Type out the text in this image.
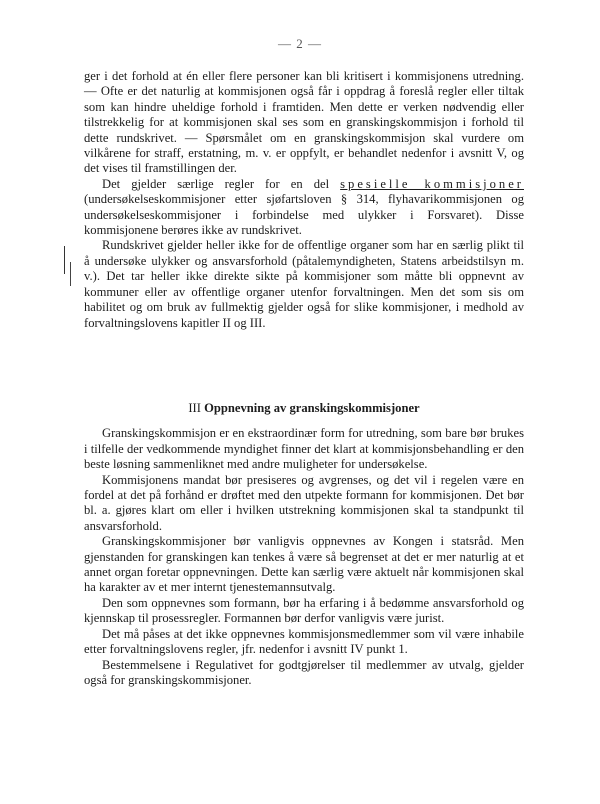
— 2 —

ger i det forhold at én eller flere personer kan bli kritisert i kommisjonens utredning. — Ofte er det naturlig at kommisjonen også får i oppdrag å foreslå regler eller tiltak som kan hindre uheldige forhold i framtiden. Men dette er verken nødvendig eller tilstrekkelig for at kommisjonen skal ses som en granskingskommisjon i forhold til dette rundskrivet. — Spørsmålet om en granskingskommisjon skal vurdere om vilkårene for straff, erstatning, m. v. er oppfylt, er behandlet nedenfor i avsnitt V, og det vises til framstillingen der.

Det gjelder særlige regler for en del spesielle kommisjoner (undersøkelseskommisjoner etter sjøfartsloven § 314, flyhavarikommisjonen og undersøkelseskommisjoner i forbindelse med ulykker i Forsvaret). Disse kommisjonene berøres ikke av rundskrivet.

Rundskrivet gjelder heller ikke for de offentlige organer som har en særlig plikt til å undersøke ulykker og ansvarsforhold (påtalemyndigheten, Statens arbeidstilsyn m. v.). Det tar heller ikke direkte sikte på kommisjoner som måtte bli oppnevnt av kommuner eller av offentlige organer utenfor forvaltningen. Men det som sis om habilitet og om bruk av fullmektig gjelder også for slike kommisjoner, i medhold av forvaltningslovens kapitler II og III.

III Oppnevning av granskingskommisjoner

Granskingskommisjon er en ekstraordinær form for utredning, som bare bør brukes i tilfelle der vedkommende myndighet finner det klart at kommisjonsbehandling er den beste løsning sammenliknet med andre muligheter for undersøkelse.

Kommisjonens mandat bør presiseres og avgrenses, og det vil i regelen være en fordel at det på forhånd er drøftet med den utpekte formann for kommisjonen. Det bør bl. a. gjøres klart om eller i hvilken utstrekning kommisjonen skal ta standpunkt til ansvarsforhold.

Granskingskommisjoner bør vanligvis oppnevnes av Kongen i statsråd. Men gjenstanden for granskingen kan tenkes å være så begrenset at det er mer naturlig at et annet organ foretar oppnevningen. Dette kan særlig være aktuelt når kommisjonen skal ha karakter av et mer internt tjenestemannsutvalg.

Den som oppnevnes som formann, bør ha erfaring i å bedømme ansvarsforhold og kjennskap til prosessregler. Formannen bør derfor vanligvis være jurist.

Det må påses at det ikke oppnevnes kommisjonsmedlemmer som vil være inhabile etter forvaltningslovens regler, jfr. nedenfor i avsnitt IV punkt 1.

Bestemmelsene i Regulativet for godtgjørelser til medlemmer av utvalg, gjelder også for granskingskommisjoner.
